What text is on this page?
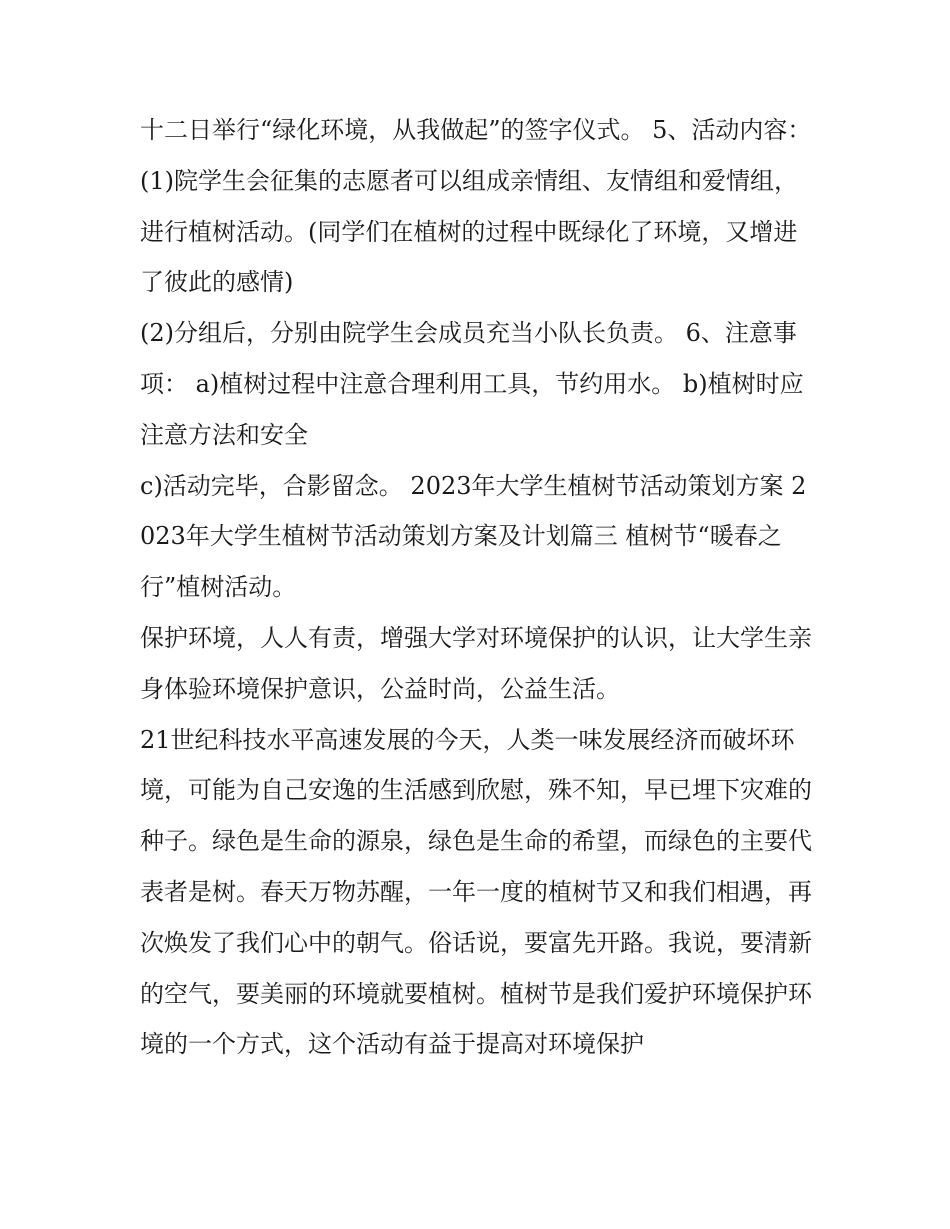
十二日举行“绿化环境，从我做起”的签字仪式。 5、活动内容：

(1)院学生会征集的志愿者可以组成亲情组、友情组和爱情组，进行植树活动。(同学们在植树的过程中既绿化了环境，又增进了彼此的感情)

(2)分组后，分别由院学生会成员充当小队长负责。 6、注意事项： a)植树过程中注意合理利用工具，节约用水。 b)植树时应注意方法和安全

c)活动完毕，合影留念。 2023年大学生植树节活动策划方案 2023年大学生植树节活动策划方案及计划篇三 植树节“暖春之行”植树活动。

保护环境，人人有责，增强大学对环境保护的认识，让大学生亲身体验环境保护意识，公益时尚，公益生活。

21世纪科技水平高速发展的今天，人类一味发展经济而破坏环境，可能为自己安逸的生活感到欣慰，殊不知，早已埋下灾难的种子。绿色是生命的源泉，绿色是生命的希望，而绿色的主要代表者是树。春天万物苏醒，一年一度的植树节又和我们相遇，再次焕发了我们心中的朝气。俗话说，要富先开路。我说，要清新的空气，要美丽的环境就要植树。植树节是我们爱护环境保护环境的一个方式，这个活动有益于提高对环境保护
